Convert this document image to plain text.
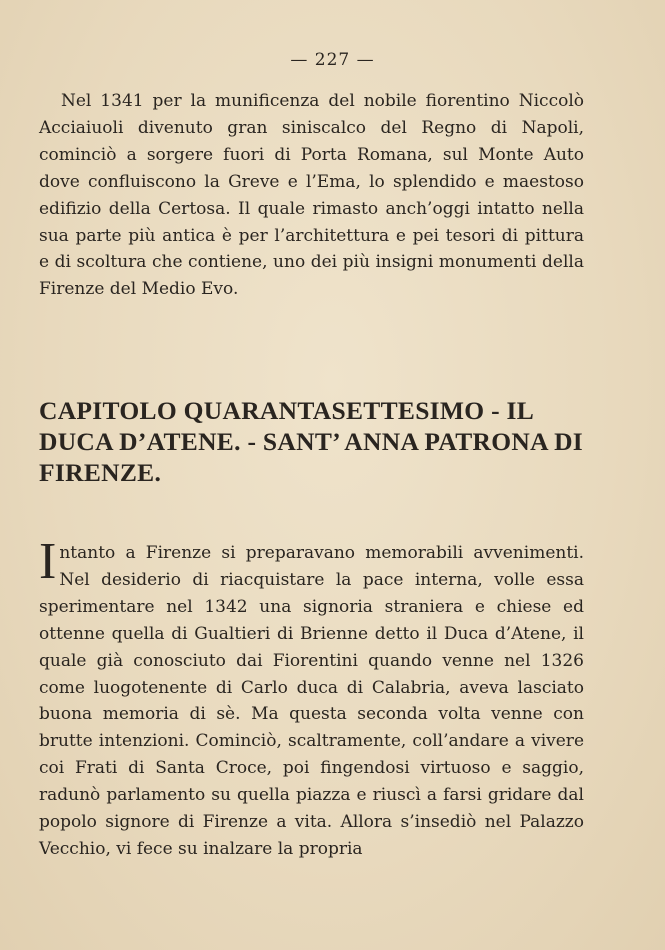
— 227 —

Nel 1341 per la munificenza del nobile fiorentino Niccolò Acciaiuoli divenuto gran siniscalco del Regno di Napoli, cominciò a sorgere fuori di Porta Romana, sul Monte Auto dove confluiscono la Greve e l’Ema, lo splendido e maestoso edifizio della Certosa. Il quale rimasto anch’oggi intatto nella sua parte più antica è per l’architettura e pei tesori di pittura e di scoltura che contiene, uno dei più insigni monumenti della Firenze del Medio Evo.

CAPITOLO QUARANTASETTESIMO - IL DUCA D’ATENE. - SANT’ ANNA PATRONA DI FIRENZE.

Intanto a Firenze si preparavano memorabili avvenimenti. Nel desiderio di riacquistare la pace interna, volle essa sperimentare nel 1342 una signoria straniera e chiese ed ottenne quella di Gualtieri di Brienne detto il Duca d’Atene, il quale già conosciuto dai Fiorentini quando venne nel 1326 come luogotenente di Carlo duca di Calabria, aveva lasciato buona memoria di sè. Ma questa seconda volta venne con brutte intenzioni. Cominciò, scaltramente, coll’andare a vivere coi Frati di Santa Croce, poi fingendosi virtuoso e saggio, radunò parlamento su quella piazza e riuscì a farsi gridare dal popolo signore di Firenze a vita. Allora s’insediò nel Palazzo Vecchio, vi fece su inalzare la propria
